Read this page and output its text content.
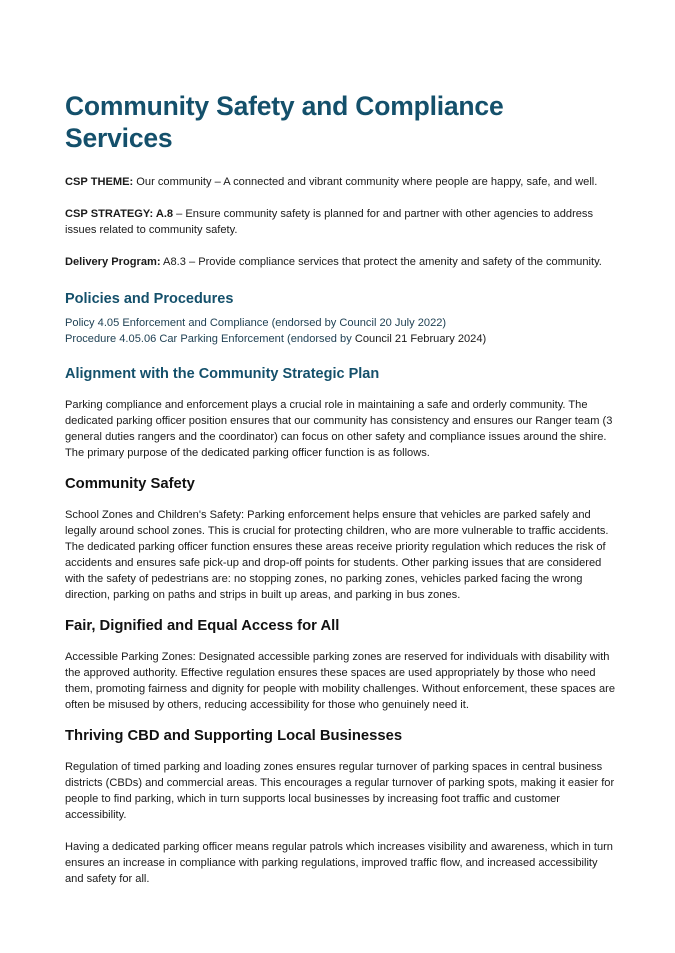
Community Safety and Compliance Services

CSP THEME: Our community – A connected and vibrant community where people are happy, safe, and well.

CSP STRATEGY: A.8 – Ensure community safety is planned for and partner with other agencies to address issues related to community safety.

Delivery Program: A8.3 – Provide compliance services that protect the amenity and safety of the community.

Policies and Procedures

Policy 4.05 Enforcement and Compliance (endorsed by Council 20 July 2022)

Procedure 4.05.06 Car Parking Enforcement (endorsed by Council 21 February 2024)

Alignment with the Community Strategic Plan

Parking compliance and enforcement plays a crucial role in maintaining a safe and orderly community. The dedicated parking officer position ensures that our community has consistency and ensures our Ranger team (3 general duties rangers and the coordinator) can focus on other safety and compliance issues around the shire. The primary purpose of the dedicated parking officer function is as follows.

Community Safety

School Zones and Children's Safety: Parking enforcement helps ensure that vehicles are parked safely and legally around school zones. This is crucial for protecting children, who are more vulnerable to traffic accidents. The dedicated parking officer function ensures these areas receive priority regulation which reduces the risk of accidents and ensures safe pick-up and drop-off points for students. Other parking issues that are considered with the safety of pedestrians are: no stopping zones, no parking zones, vehicles parked facing the wrong direction, parking on paths and strips in built up areas, and parking in bus zones.

Fair, Dignified and Equal Access for All

Accessible Parking Zones: Designated accessible parking zones are reserved for individuals with disability with the approved authority. Effective regulation ensures these spaces are used appropriately by those who need them, promoting fairness and dignity for people with mobility challenges. Without enforcement, these spaces are often be misused by others, reducing accessibility for those who genuinely need it.

Thriving CBD and Supporting Local Businesses

Regulation of timed parking and loading zones ensures regular turnover of parking spaces in central business districts (CBDs) and commercial areas. This encourages a regular turnover of parking spots, making it easier for people to find parking, which in turn supports local businesses by increasing foot traffic and customer accessibility.

Having a dedicated parking officer means regular patrols which increases visibility and awareness, which in turn ensures an increase in compliance with parking regulations, improved traffic flow, and increased accessibility and safety for all.
